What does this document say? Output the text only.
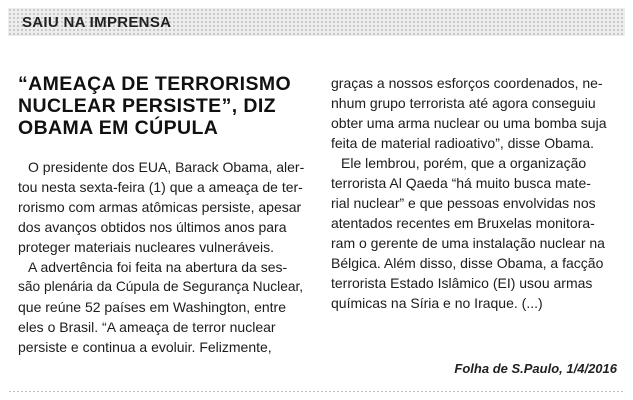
SAIU NA IMPRENSA
“AMEAÇA DE TERRORISMO
NUCLEAR PERSISTE”, DIZ
OBAMA EM CÚPULA
O presidente dos EUA, Barack Obama, aler-
tou nesta sexta-feira (1) que a ameaça de ter-
rorismo com armas atômicas persiste, apesar
dos avanços obtidos nos últimos anos para
proteger materiais nucleares vulneráveis.
A advertência foi feita na abertura da ses-
são plenária da Cúpula de Segurança Nuclear,
que reúne 52 países em Washington, entre
eles o Brasil. “A ameaça de terror nuclear
persiste e continua a evoluir. Felizmente,
graças a nossos esforços coordenados, ne-
nhum grupo terrorista até agora conseguiu
obter uma arma nuclear ou uma bomba suja
feita de material radioativo”, disse Obama.
Ele lembrou, porém, que a organização
terrorista Al Qaeda “há muito busca mate-
rial nuclear” e que pessoas envolvidas nos
atentados recentes em Bruxelas monitora-
ram o gerente de uma instalação nuclear na
Bélgica. Além disso, disse Obama, a facção
terrorista Estado Islâmico (EI) usou armas
químicas na Síria e no Iraque. (...)
Folha de S.Paulo, 1/4/2016
